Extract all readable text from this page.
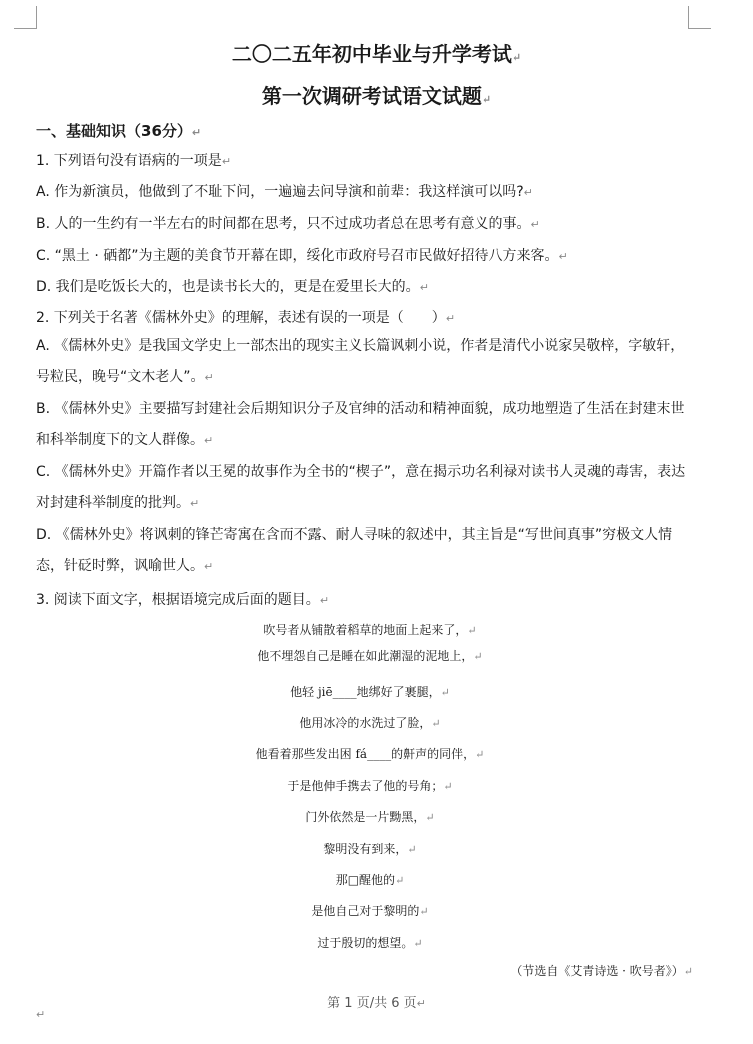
二〇二五年初中毕业与升学考试↵
第一次调研考试语文试题↵
一、基础知识（36分）↵
1. 下列语句没有语病的一项是↵
A. 作为新演员，他做到了不耻下问，一遍遍去问导演和前辈：我这样演可以吗?↵
B. 人的一生约有一半左右的时间都在思考，只不过成功者总在思考有意义的事。↵
C. “黑土 · 硒都”为主题的美食节开幕在即，绥化市政府号召市民做好招待八方来客。↵
D. 我们是吃饭长大的，也是读书长大的，更是在爱里长大的。↵
2. 下列关于名著《儒林外史》的理解，表述有误的一项是（　　）↵
A. 《儒林外史》是我国文学史上一部杰出的现实主义长篇讽刺小说，作者是清代小说家吴敬梓，字敏轩，号粒民，晚号“文木老人”。↵
B. 《儒林外史》主要描写封建社会后期知识分子及官绅的活动和精神面貌，成功地塑造了生活在封建末世和科举制度下的文人群像。↵
C. 《儒林外史》开篇作者以王冕的故事作为全书的“楔子”，意在揭示功名利禄对读书人灵魂的毒害，表达对封建科举制度的批判。↵
D. 《儒林外史》将讽刺的锋芒寄寓在含而不露、耐人寻味的叙述中，其主旨是“写世间真事”穷极文人情态，针砭时弊，讽喻世人。↵
3. 阅读下面文字，根据语境完成后面的题目。↵
吹号者从铺散着稻草的地面上起来了，↵
他不埋怨自己是睡在如此潮湿的泥地上，↵
他轻 jiē____地绑好了裹腿，↵
他用冰冷的水洗过了脸，↵
他看着那些发出困 fá____的鼾声的同伴，↵
于是他伸手携去了他的号角；↵
门外依然是一片黝黑，↵
黎明没有到来，↵
那□醒他的↵
是他自己对于黎明的↵
过于殷切的想望。↵
（节选自《艾青诗选 · 吹号者》）↵
第 1 页/共 6 页↵
↵
